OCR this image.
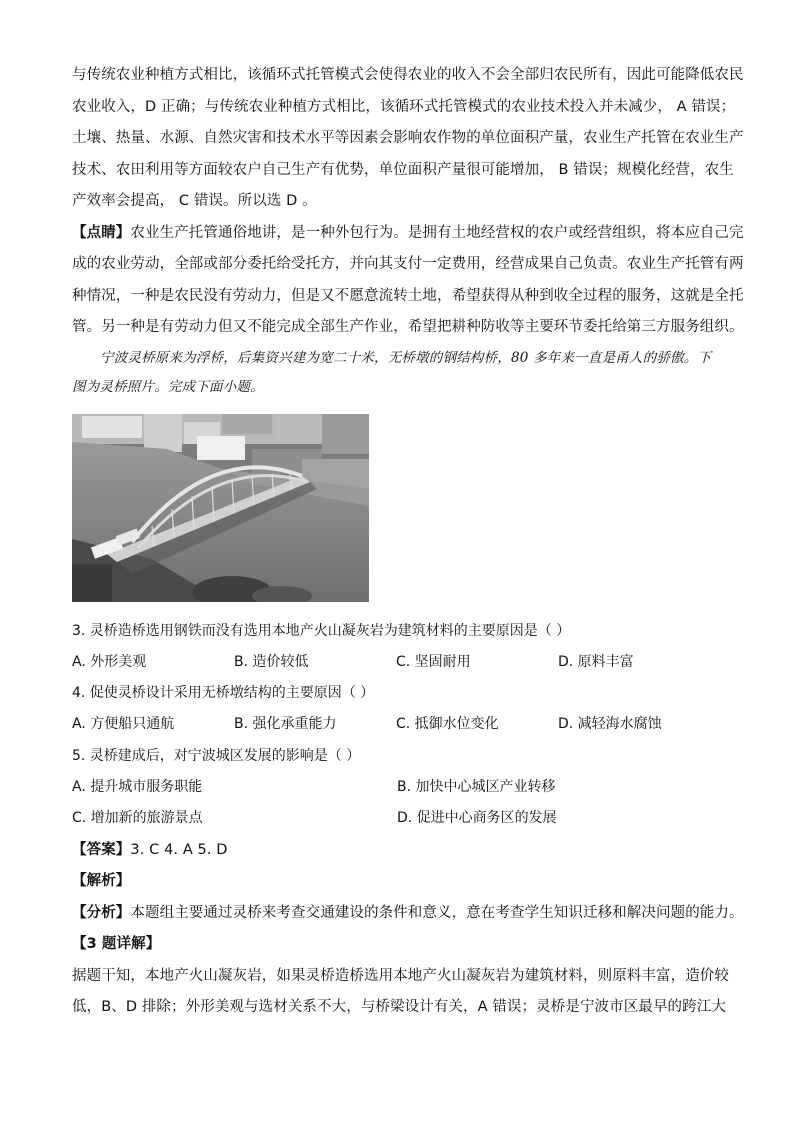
与传统农业种植方式相比，该循环式托管模式会使得农业的收入不会全部归农民所有，因此可能降低农民

农业收入，D 正确；与传统农业种植方式相比，该循环式托管模式的农业技术投入并未减少， A 错误；

土壤、热量、水源、自然灾害和技术水平等因素会影响农作物的单位面积产量，农业生产托管在农业生产

技术、农田利用等方面较农户自己生产有优势，单位面积产量很可能增加， B 错误；规模化经营，农生

产效率会提高， C 错误。所以选 D 。

【点睛】农业生产托管通俗地讲，是一种外包行为。是拥有土地经营权的农户或经营组织，将本应自己完

成的农业劳动，全部或部分委托给受托方，并向其支付一定费用，经营成果自己负责。农业生产托管有两

种情况，一种是农民没有劳动力，但是又不愿意流转土地，希望获得从种到收全过程的服务，这就是全托

管。另一种是有劳动力但又不能完成全部生产作业，希望把耕种防收等主要环节委托给第三方服务组织。

宁波灵桥原来为浮桥，后集资兴建为宽二十米，无桥墩的钢结构桥，80 多年来一直是甬人的骄傲。下

图为灵桥照片。完成下面小题。

3. 灵桥造桥选用钢铁而没有选用本地产火山凝灰岩为建筑材料的主要原因是（ ）

A. 外形美观	B. 造价较低	C. 坚固耐用	D. 原料丰富

4. 促使灵桥设计采用无桥墩结构的主要原因（ ）

A. 方便船只通航	B. 强化承重能力	C. 抵御水位变化	D. 减轻海水腐蚀

5. 灵桥建成后，对宁波城区发展的影响是（ ）

A. 提升城市服务职能	B. 加快中心城区产业转移
C. 增加新的旅游景点	D. 促进中心商务区的发展

【答案】3. C 4. A 5. D

【解析】

【分析】本题组主要通过灵桥来考查交通建设的条件和意义，意在考查学生知识迁移和解决问题的能力。

【3 题详解】

据题干知，本地产火山凝灰岩，如果灵桥造桥选用本地产火山凝灰岩为建筑材料，则原料丰富，造价较

低，B、D 排除；外形美观与选材关系不大，与桥梁设计有关，A 错误；灵桥是宁波市区最早的跨江大
